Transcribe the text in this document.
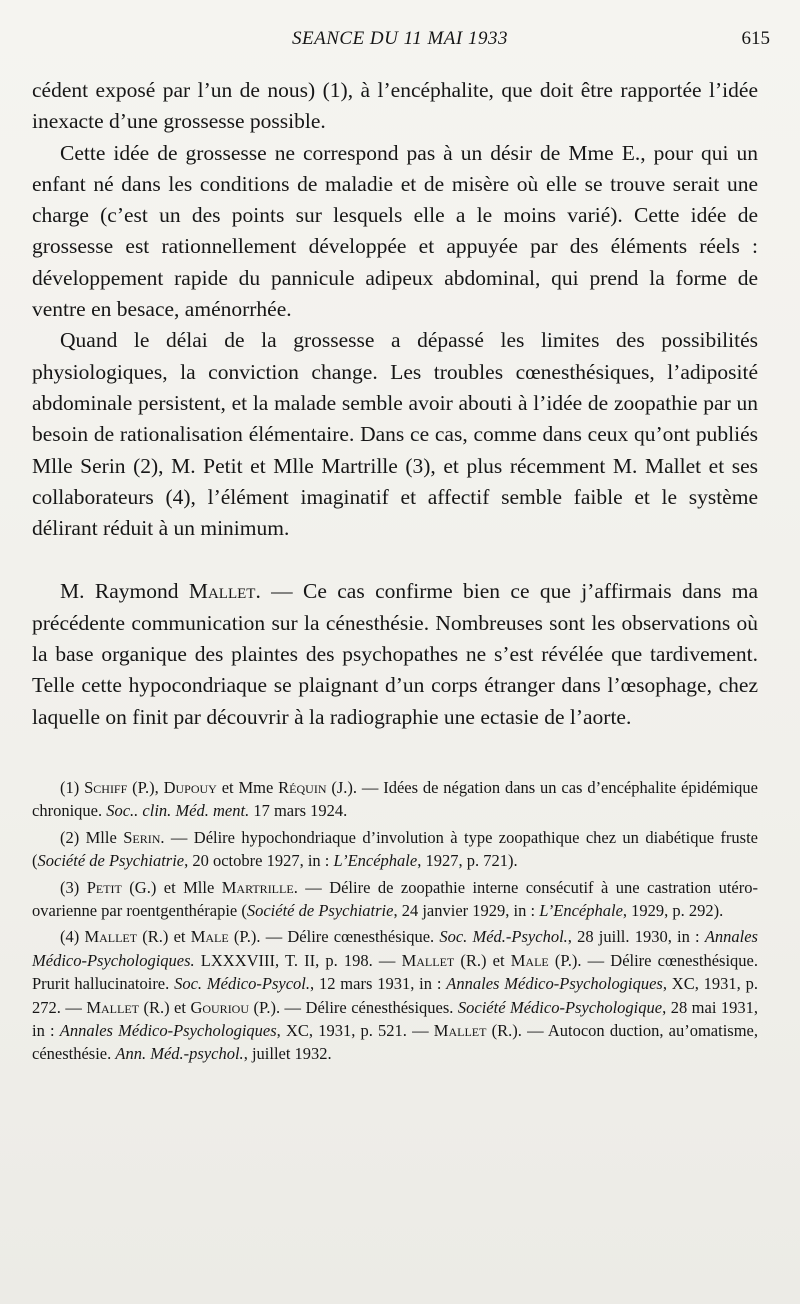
SEANCE DU 11 MAI 1933	615

cédent exposé par l’un de nous) (1), à l’encéphalite, que doit être rapportée l’idée inexacte d’une grossesse possible.

Cette idée de grossesse ne correspond pas à un désir de Mme E., pour qui un enfant né dans les conditions de maladie et de misère où elle se trouve serait une charge (c’est un des points sur lesquels elle a le moins varié). Cette idée de grossesse est rationnellement développée et appuyée par des éléments réels : développement rapide du pannicule adipeux abdominal, qui prend la forme de ventre en besace, aménorrhée.

Quand le délai de la grossesse a dépassé les limites des possibilités physiologiques, la conviction change. Les troubles cœnesthésiques, l’adiposité abdominale persistent, et la malade semble avoir abouti à l’idée de zoopathie par un besoin de rationalisation élémentaire. Dans ce cas, comme dans ceux qu’ont publiés Mlle Serin (2), M. Petit et Mlle Martrille (3), et plus récemment M. Mallet et ses collaborateurs (4), l’élément imaginatif et affectif semble faible et le système délirant réduit à un minimum.

M. Raymond Mallet. — Ce cas confirme bien ce que j’affirmais dans ma précédente communication sur la cénesthésie. Nombreuses sont les observations où la base organique des plaintes des psychopathes ne s’est révélée que tardivement. Telle cette hypocondriaque se plaignant d’un corps étranger dans l’œsophage, chez laquelle on finit par découvrir à la radiographie une ectasie de l’aorte.

(1) Schiff (P.), Dupouy et Mme Réquin (J.). — Idées de négation dans un cas d’encéphalite épidémique chronique. Soc.. clin. Méd. ment. 17 mars 1924.

(2) Mlle Serin. — Délire hypochondriaque d’involution à type zoopathique chez un diabétique fruste (Société de Psychiatrie, 20 octobre 1927, in : L’Encéphale, 1927, p. 721).

(3) Petit (G.) et Mlle Martrille. — Délire de zoopathie interne consécutif à une castration utéro-ovarienne par roentgenthérapie (Société de Psychiatrie, 24 janvier 1929, in : L’Encéphale, 1929, p. 292).

(4) Mallet (R.) et Male (P.). — Délire cœnesthésique. Soc. Méd.-Psychol., 28 juill. 1930, in : Annales Médico-Psychologiques. LXXXVIII, T. II, p. 198. — Mallet (R.) et Male (P.). — Délire cœnesthésique. Prurit hallucinatoire. Soc. Médico-Psycol., 12 mars 1931, in : Annales Médico-Psychologiques, XC, 1931, p. 272. — Mallet (R.) et Gouriou (P.). — Délire cénesthésiques. Société Médico-Psychologique, 28 mai 1931, in : Annales Médico-Psychologiques, XC, 1931, p. 521. — Mallet (R.). — Autocon duction, au’omatisme, cénesthésie. Ann. Méd.-psychol., juillet 1932.
